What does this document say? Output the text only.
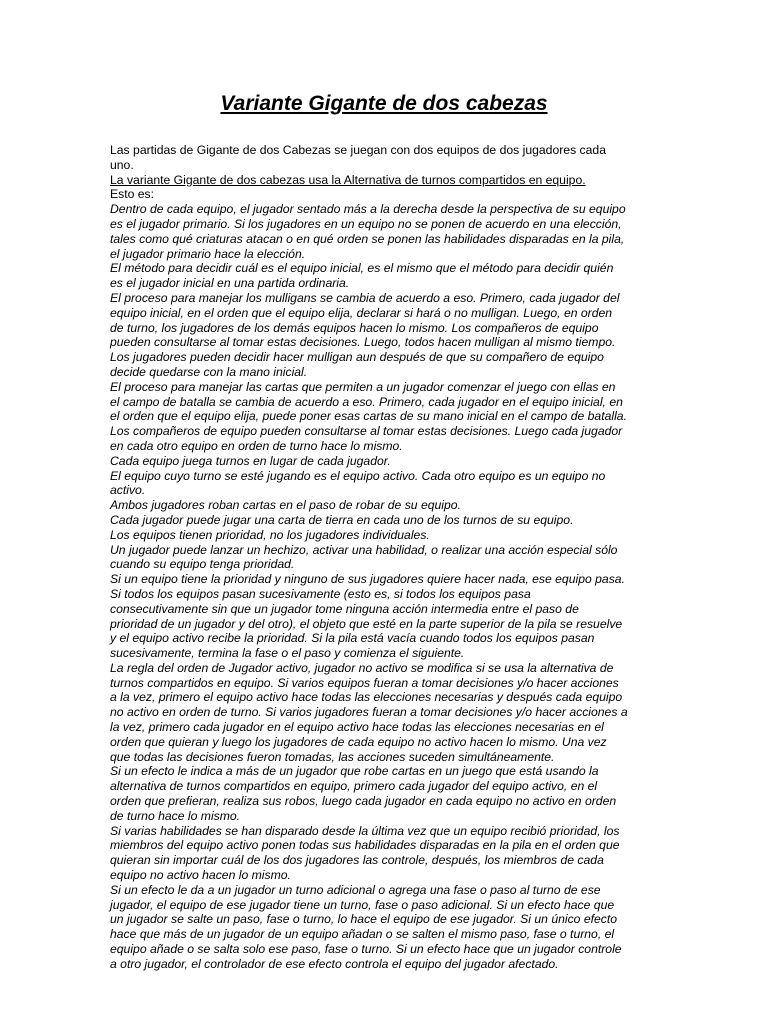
Variante Gigante de dos cabezas
Las partidas de Gigante de dos Cabezas se juegan con dos equipos de dos jugadores cada
uno.
La variante Gigante de dos cabezas usa la Alternativa de turnos compartidos en equipo.
Esto es:
Dentro de cada equipo, el jugador sentado más a la derecha desde la perspectiva de su equipo
es el jugador primario. Si los jugadores en un equipo no se ponen de acuerdo en una elección,
tales como qué criaturas atacan o en qué orden se ponen las habilidades disparadas en la pila,
el jugador primario hace la elección.
El método para decidir cuál es el equipo inicial, es el mismo que el método para decidir quién
es el jugador inicial en una partida ordinaria.
El proceso para manejar los mulligans se cambia de acuerdo a eso. Primero, cada jugador del
equipo inicial, en el orden que el equipo elija, declarar si hará o no mulligan. Luego, en orden
de turno, los jugadores de los demás equipos hacen lo mismo. Los compañeros de equipo
pueden consultarse al tomar estas decisiones. Luego, todos hacen mulligan al mismo tiempo.
Los jugadores pueden decidir hacer mulligan aun después de que su compañero de equipo
decide quedarse con la mano inicial.
El proceso para manejar las cartas que permiten a un jugador comenzar el juego con ellas en
el campo de batalla se cambia de acuerdo a eso. Primero, cada jugador en el equipo inicial, en
el orden que el equipo elija, puede poner esas cartas de su mano inicial en el campo de batalla.
Los compañeros de equipo pueden consultarse al tomar estas decisiones. Luego cada jugador
en cada otro equipo en orden de turno hace lo mismo.
Cada equipo juega turnos en lugar de cada jugador.
El equipo cuyo turno se esté jugando es el equipo activo. Cada otro equipo es un equipo no
activo.
Ambos jugadores roban cartas en el paso de robar de su equipo.
Cada jugador puede jugar una carta de tierra en cada uno de los turnos de su equipo.
Los equipos tienen prioridad, no los jugadores individuales.
Un jugador puede lanzar un hechizo, activar una habilidad, o realizar una acción especial sólo
cuando su equipo tenga prioridad.
Si un equipo tiene la prioridad y ninguno de sus jugadores quiere hacer nada, ese equipo pasa.
Si todos los equipos pasan sucesivamente (esto es, si todos los equipos pasa
consecutivamente sin que un jugador tome ninguna acción intermedia entre el paso de
prioridad de un jugador y del otro), el objeto que esté en la parte superior de la pila se resuelve
y el equipo activo recibe la prioridad. Si la pila está vacía cuando todos los equipos pasan
sucesivamente, termina la fase o el paso y comienza el siguiente.
La regla del orden de Jugador activo, jugador no activo se modifica si se usa la alternativa de
turnos compartidos en equipo. Si varios equipos fueran a tomar decisiones y/o hacer acciones
a la vez, primero el equipo activo hace todas las elecciones necesarias y después cada equipo
no activo en orden de turno. Si varios jugadores fueran a tomar decisiones y/o hacer acciones a
la vez, primero cada jugador en el equipo activo hace todas las elecciones necesarias en el
orden que quieran y luego los jugadores de cada equipo no activo hacen lo mismo. Una vez
que todas las decisiones fueron tomadas, las acciones suceden simultáneamente.
Si un efecto le indica a más de un jugador que robe cartas en un juego que está usando la
alternativa de turnos compartidos en equipo, primero cada jugador del equipo activo, en el
orden que prefieran, realiza sus robos, luego cada jugador en cada equipo no activo en orden
de turno hace lo mismo.
Si varias habilidades se han disparado desde la última vez que un equipo recibió prioridad, los
miembros del equipo activo ponen todas sus habilidades disparadas en la pila en el orden que
quieran sin importar cuál de los dos jugadores las controle, después, los miembros de cada
equipo no activo hacen lo mismo.
Si un efecto le da a un jugador un turno adicional o agrega una fase o paso al turno de ese
jugador, el equipo de ese jugador tiene un turno, fase o paso adicional. Si un efecto hace que
un jugador se salte un paso, fase o turno, lo hace el equipo de ese jugador. Si un único efecto
hace que más de un jugador de un equipo añadan o se salten el mismo paso, fase o turno, el
equipo añade o se salta solo ese paso, fase o turno. Si un efecto hace que un jugador controle
a otro jugador, el controlador de ese efecto controla el equipo del jugador afectado.
